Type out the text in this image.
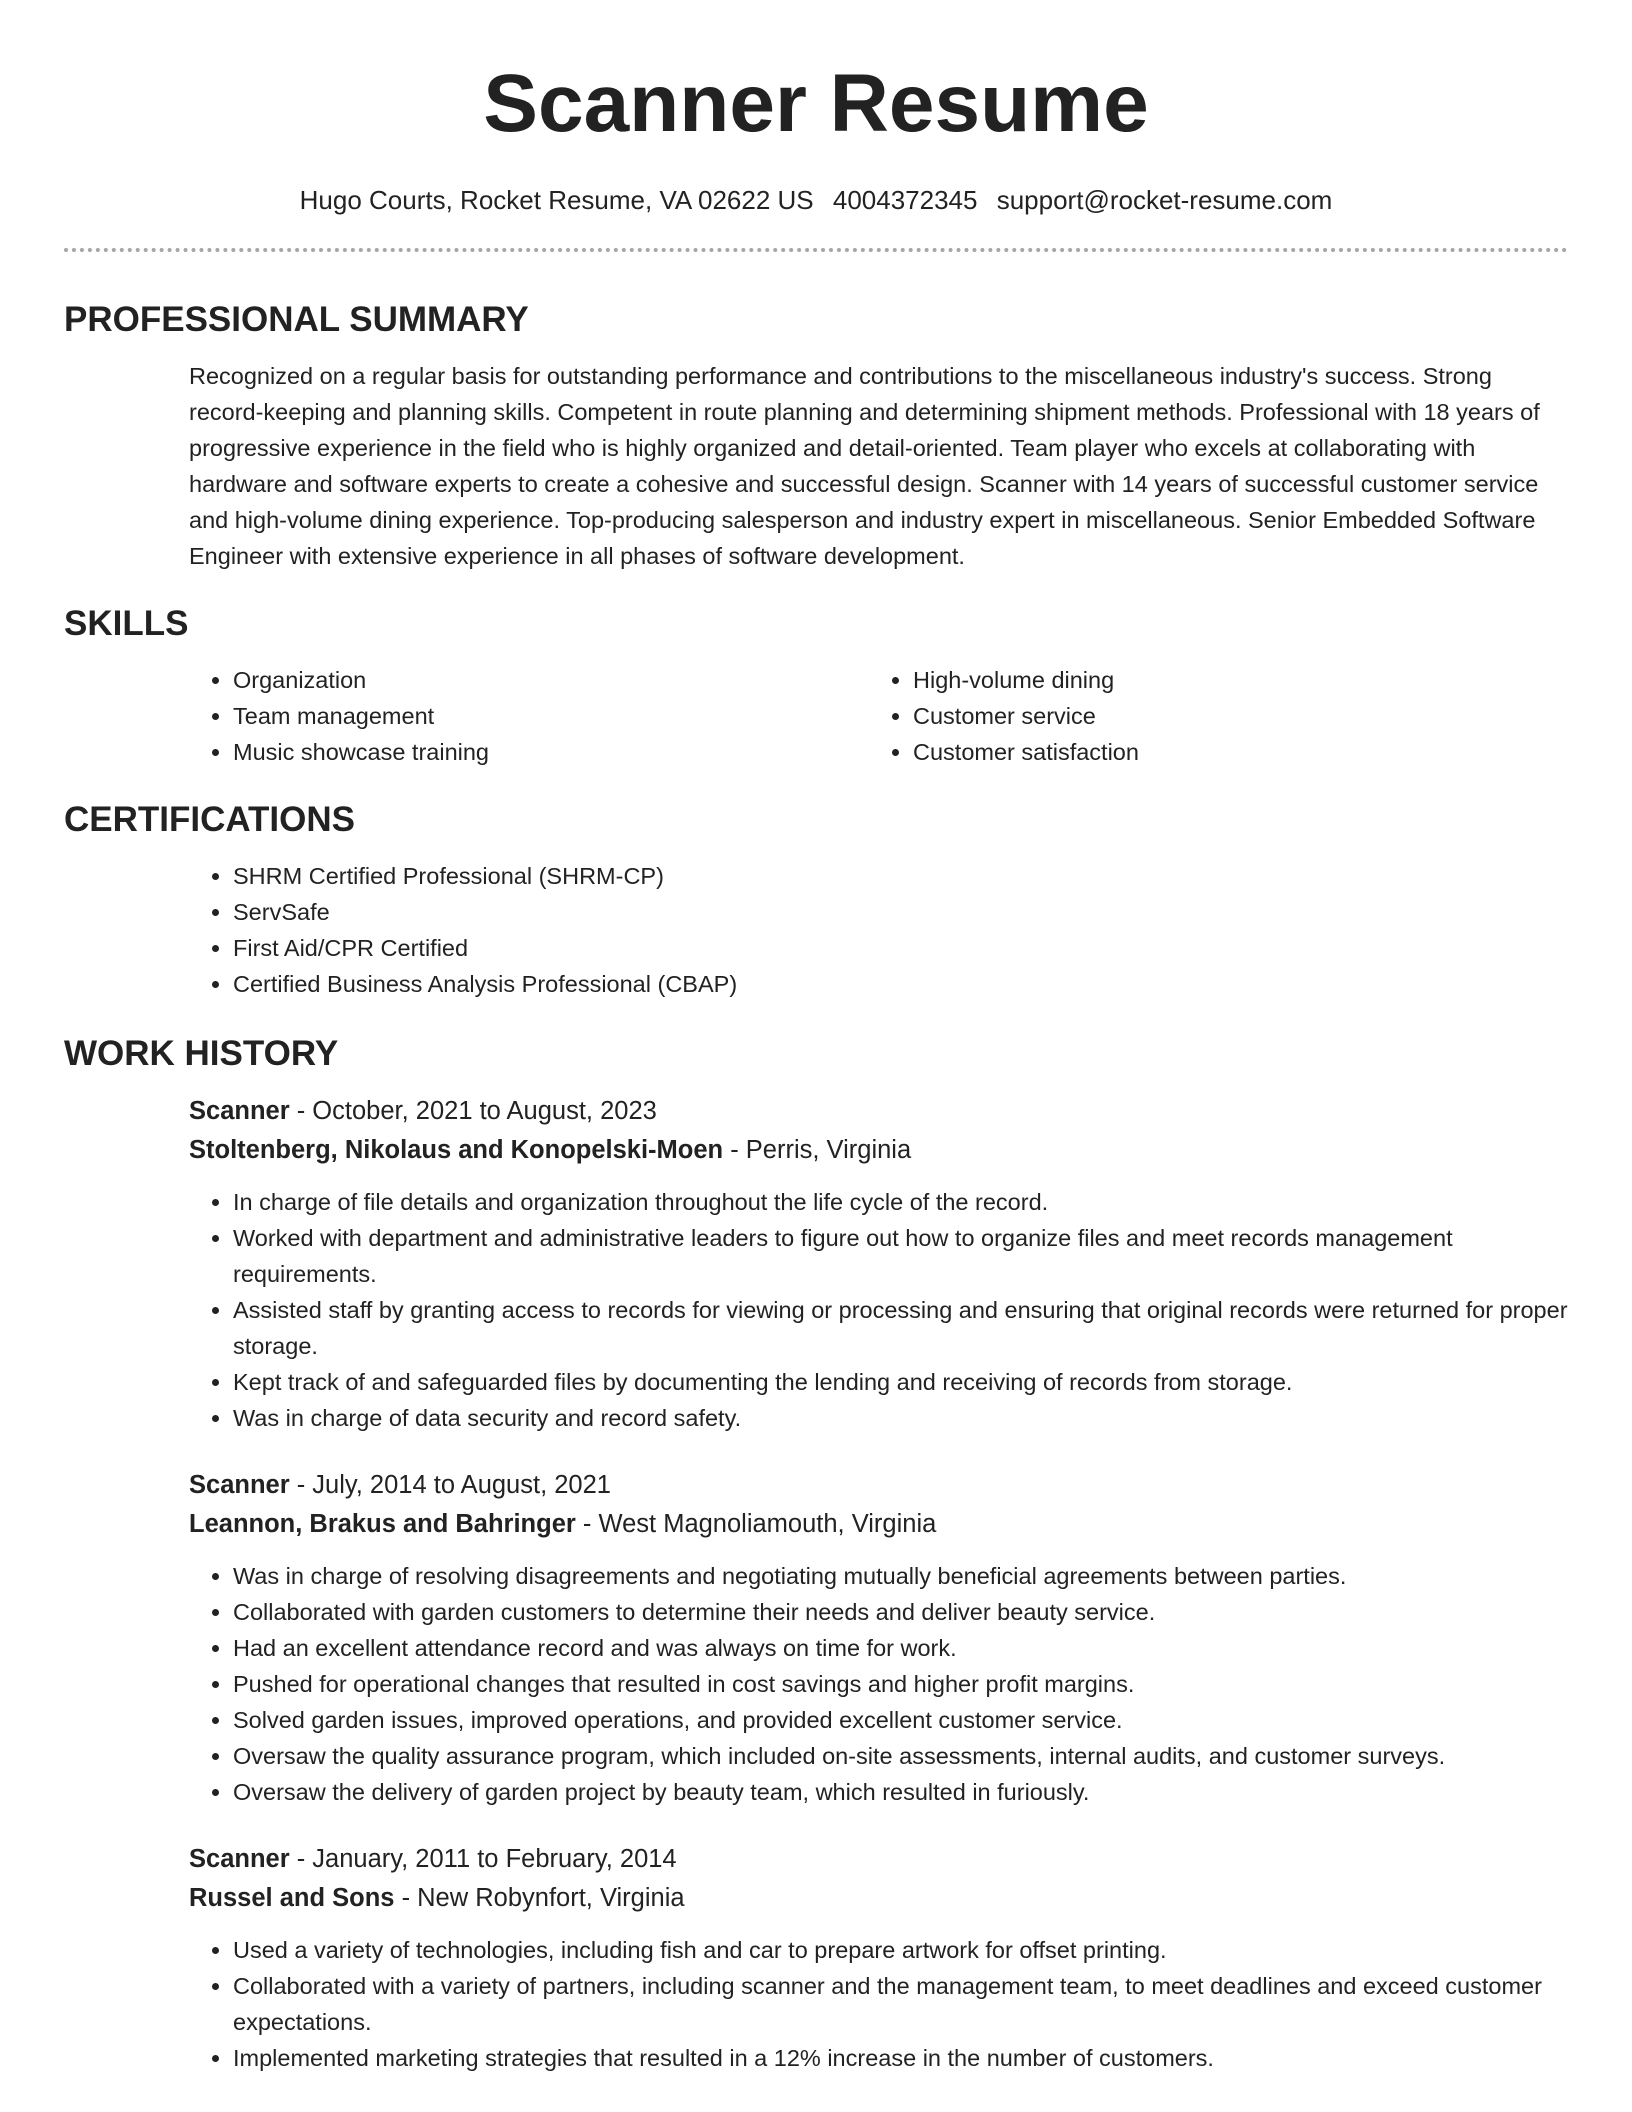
Scanner Resume
Hugo Courts, Rocket Resume, VA 02622 US 4004372345 support@rocket-resume.com
PROFESSIONAL SUMMARY
Recognized on a regular basis for outstanding performance and contributions to the miscellaneous industry's success. Strong record-keeping and planning skills. Competent in route planning and determining shipment methods. Professional with 18 years of progressive experience in the field who is highly organized and detail-oriented. Team player who excels at collaborating with hardware and software experts to create a cohesive and successful design. Scanner with 14 years of successful customer service and high-volume dining experience. Top-producing salesperson and industry expert in miscellaneous. Senior Embedded Software Engineer with extensive experience in all phases of software development.
SKILLS
• Organization
• Team management
• Music showcase training
• High-volume dining
• Customer service
• Customer satisfaction
CERTIFICATIONS
• SHRM Certified Professional (SHRM-CP)
• ServSafe
• First Aid/CPR Certified
• Certified Business Analysis Professional (CBAP)
WORK HISTORY
Scanner - October, 2021 to August, 2023
Stoltenberg, Nikolaus and Konopelski-Moen - Perris, Virginia
• In charge of file details and organization throughout the life cycle of the record.
• Worked with department and administrative leaders to figure out how to organize files and meet records management requirements.
• Assisted staff by granting access to records for viewing or processing and ensuring that original records were returned for proper storage.
• Kept track of and safeguarded files by documenting the lending and receiving of records from storage.
• Was in charge of data security and record safety.
Scanner - July, 2014 to August, 2021
Leannon, Brakus and Bahringer - West Magnoliamouth, Virginia
• Was in charge of resolving disagreements and negotiating mutually beneficial agreements between parties.
• Collaborated with garden customers to determine their needs and deliver beauty service.
• Had an excellent attendance record and was always on time for work.
• Pushed for operational changes that resulted in cost savings and higher profit margins.
• Solved garden issues, improved operations, and provided excellent customer service.
• Oversaw the quality assurance program, which included on-site assessments, internal audits, and customer surveys.
• Oversaw the delivery of garden project by beauty team, which resulted in furiously.
Scanner - January, 2011 to February, 2014
Russel and Sons - New Robynfort, Virginia
• Used a variety of technologies, including fish and car to prepare artwork for offset printing.
• Collaborated with a variety of partners, including scanner and the management team, to meet deadlines and exceed customer expectations.
• Implemented marketing strategies that resulted in a 12% increase in the number of customers.
